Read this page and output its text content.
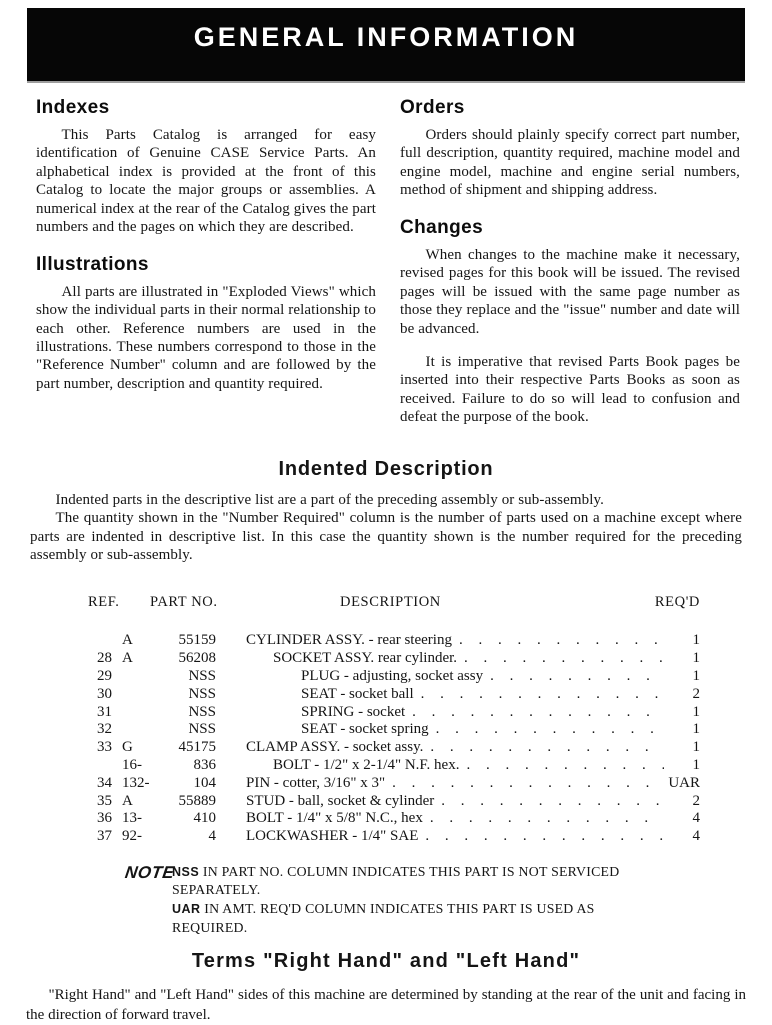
GENERAL INFORMATION
Indexes

This Parts Catalog is arranged for easy identification of Genuine CASE Service Parts. An alphabetical index is provided at the front of this Catalog to locate the major groups or assemblies. A numerical index at the rear of the Catalog gives the part numbers and the pages on which they are described.

Illustrations

All parts are illustrated in "Exploded Views" which show the individual parts in their normal relationship to each other. Reference numbers are used in the illustrations. These numbers correspond to those in the "Reference Number" column and are followed by the part number, description and quantity required.

Orders

Orders should plainly specify correct part number, full description, quantity required, machine model and engine model, machine and engine serial numbers, method of shipment and shipping address.

Changes

When changes to the machine make it necessary, revised pages for this book will be issued. The revised pages will be issued with the same page number as those they replace and the "issue" number and date will be advanced.

It is imperative that revised Parts Book pages be inserted into their respective Parts Books as soon as received. Failure to do so will lead to confusion and defeat the purpose of the book.

Indented Description

Indented parts in the descriptive list are a part of the preceding assembly or sub-assembly.

The quantity shown in the "Number Required" column is the number of parts used on a machine except where parts are indented in descriptive list. In this case the quantity shown is the number required for the preceding assembly or sub-assembly.

REF. PART NO.	DESCRIPTION	REQ'D
A	55159	CYLINDER ASSY. - rear steering . . .	1
28 A	56208	SOCKET ASSY. rear cylinder. . . .	1
29	NSS	PLUG - adjusting, socket assy . . .	1
30	NSS	SEAT - socket ball . . .	2
31	NSS	SPRING - socket . . .	1
32	NSS	SEAT - socket spring . . .	1
33 G	45175	CLAMP ASSY. - socket assy. . . .	1
16-	836	BOLT - 1/2" x 2-1/4" N.F. hex. . . .	1
34 132-	104	PIN - cotter, 3/16" x 3" . . .	UAR
35 A	55889	STUD - ball, socket & cylinder . . .	2
36 13-	410	BOLT - 1/4" x 5/8" N.C., hex . . .	4
37 92-	4	LOCKWASHER - 1/4" SAE . . .	4
NOTE

NSS IN PART NO. COLUMN INDICATES THIS PART IS NOT SERVICED SEPARATELY.

UAR IN AMT. REQ'D COLUMN INDICATES THIS PART IS USED AS REQUIRED.

Terms "Right Hand" and "Left Hand"

"Right Hand" and "Left Hand" sides of this machine are determined by standing at the rear of the unit and facing in the direction of forward travel.
